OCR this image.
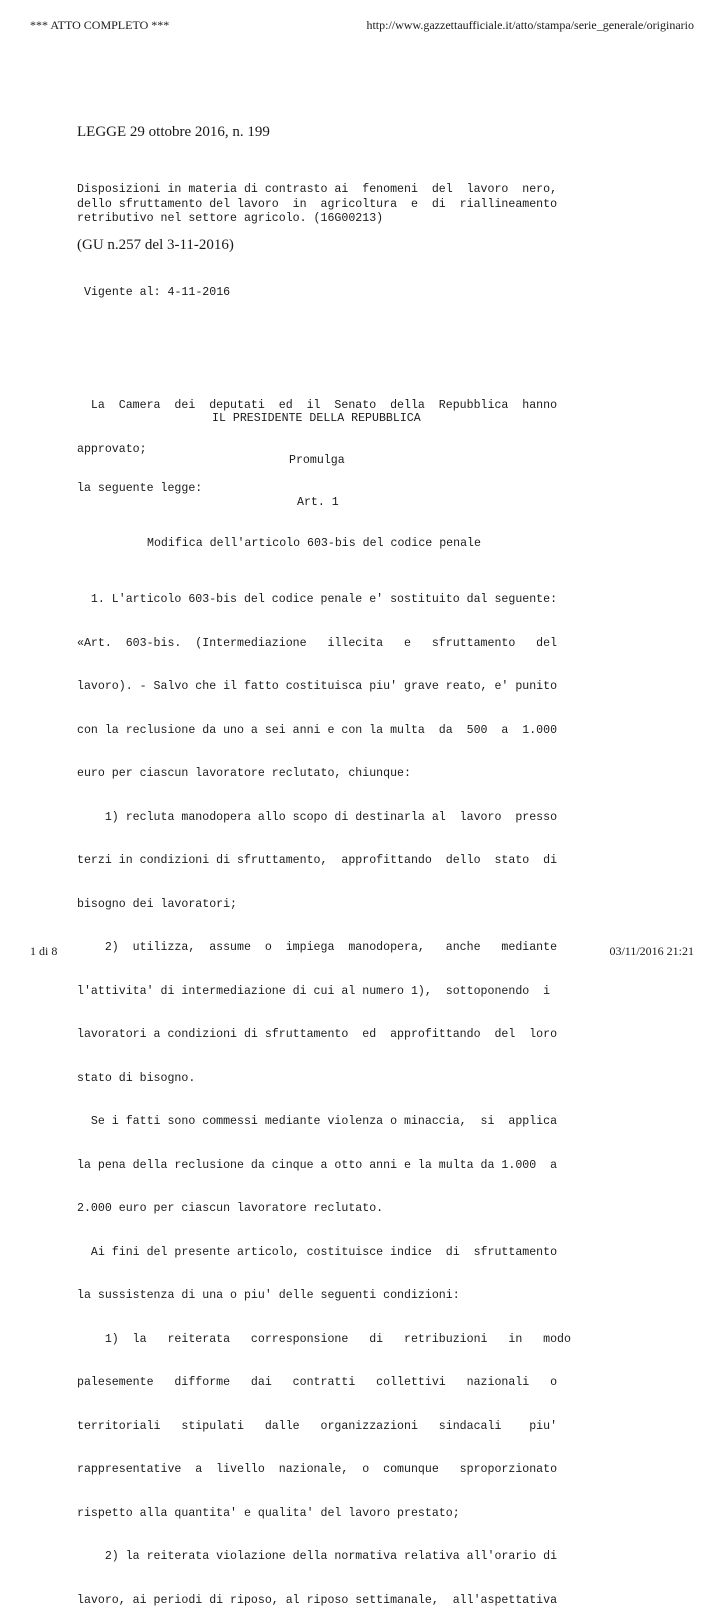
*** ATTO COMPLETO ***	http://www.gazzettaufficiale.it/atto/stampa/serie_generale/originario
LEGGE 29 ottobre 2016, n. 199
Disposizioni in materia di contrasto ai  fenomeni  del  lavoro  nero,
dello sfruttamento del lavoro  in  agricoltura  e  di  riallineamento
retributivo nel settore agricolo. (16G00213)
(GU n.257 del 3-11-2016)
Vigente al: 4-11-2016

La  Camera  dei  deputati  ed  il  Senato  della  Repubblica  hanno

approvato;

IL PRESIDENTE DELLA REPUBBLICA
Promulga
la seguente legge:
Art. 1
Modifica dell'articolo 603-bis del codice penale

1. L'articolo 603-bis del codice penale e' sostituito dal seguente:

«Art.  603-bis.  (Intermediazione   illecita   e   sfruttamento   del

lavoro). - Salvo che il fatto costituisca piu' grave reato, e' punito

con la reclusione da uno a sei anni e con la multa  da  500  a  1.000

euro per ciascun lavoratore reclutato, chiunque:

1) recluta manodopera allo scopo di destinarla al  lavoro  presso

terzi in condizioni di sfruttamento,  approfittando  dello  stato  di

bisogno dei lavoratori;

2)  utilizza,  assume  o  impiega  manodopera,   anche   mediante

l'attivita' di intermediazione di cui al numero 1),  sottoponendo  i

lavoratori a condizioni di sfruttamento  ed  approfittando  del  loro

stato di bisogno.

Se i fatti sono commessi mediante violenza o minaccia,  si  applica

la pena della reclusione da cinque a otto anni e la multa da 1.000  a

2.000 euro per ciascun lavoratore reclutato.

Ai fini del presente articolo, costituisce indice  di  sfruttamento

la sussistenza di una o piu' delle seguenti condizioni:

1)  la   reiterata   corresponsione   di   retribuzioni   in   modo

palesemente   difforme   dai   contratti   collettivi   nazionali   o

territoriali   stipulati   dalle   organizzazioni   sindacali    piu'

rappresentative  a  livello  nazionale,  o  comunque   sproporzionato

rispetto alla quantita' e qualita' del lavoro prestato;

2) la reiterata violazione della normativa relativa all'orario di

lavoro, ai periodi di riposo, al riposo settimanale,  all'aspettativa

1 di 8	03/11/2016 21:21
